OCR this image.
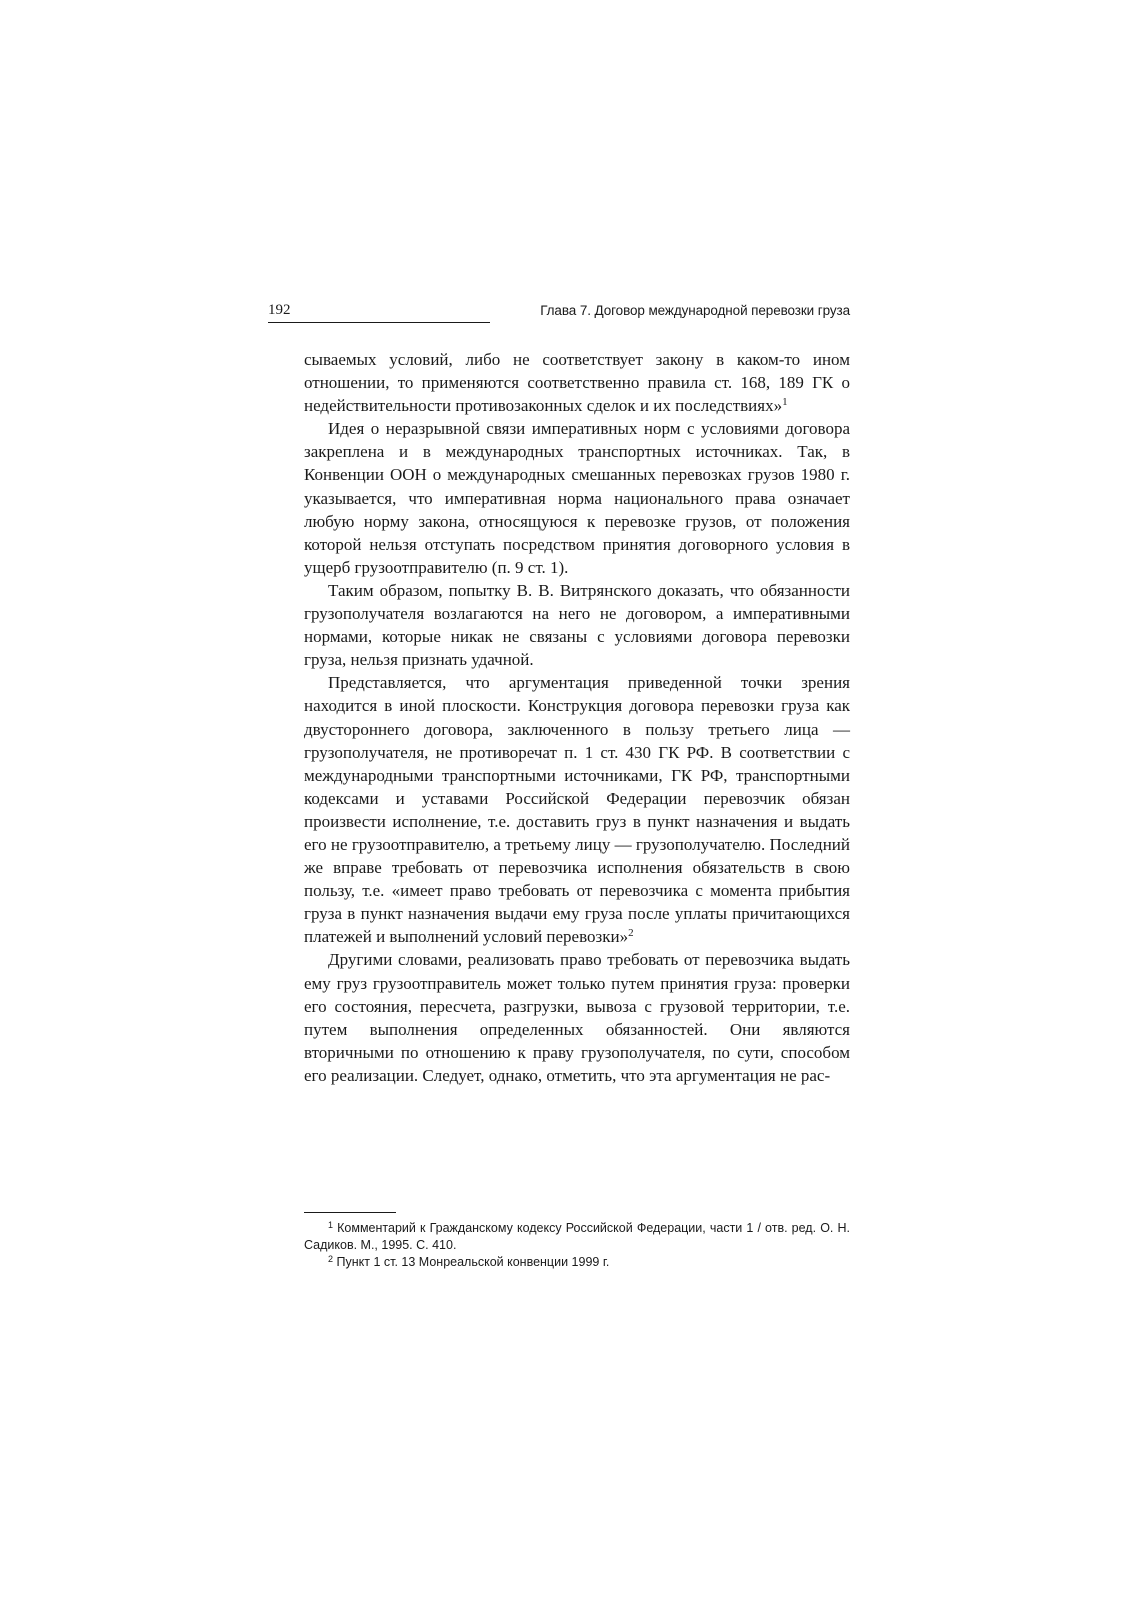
192	Глава 7. Договор международной перевозки груза

сываемых условий, либо не соответствует закону в каком-то ином отношении, то применяются соответственно правила ст. 168, 189 ГК о недействительности противозаконных сделок и их последствиях»$^1$

Идея о неразрывной связи императивных норм с условиями договора закреплена и в международных транспортных источниках. Так, в Конвенции ООН о международных смешанных перевозках грузов 1980 г. указывается, что императивная норма национального права означает любую норму закона, относящуюся к перевозке грузов, от положения которой нельзя отступать посредством принятия договорного условия в ущерб грузоотправителю (п. 9 ст. 1).

Таким образом, попытку В. В. Витрянского доказать, что обязанности грузополучателя возлагаются на него не договором, а императивными нормами, которые никак не связаны с условиями договора перевозки груза, нельзя признать удачной.

Представляется, что аргументация приведенной точки зрения находится в иной плоскости. Конструкция договора перевозки груза как двустороннего договора, заключенного в пользу третьего лица — грузополучателя, не противоречат п. 1 ст. 430 ГК РФ. В соответствии с международными транспортными источниками, ГК РФ, транспортными кодексами и уставами Российской Федерации перевозчик обязан произвести исполнение, т.е. доставить груз в пункт назначения и выдать его не грузоотправителю, а третьему лицу — грузополучателю. Последний же вправе требовать от перевозчика исполнения обязательств в свою пользу, т.е. «имеет право требовать от перевозчика с момента прибытия груза в пункт назначения выдачи ему груза после уплаты причитающихся платежей и выполнений условий перевозки»$^2$

Другими словами, реализовать право требовать от перевозчика выдать ему груз грузоотправитель может только путем принятия груза: проверки его состояния, пересчета, разгрузки, вывоза с грузовой территории, т.е. путем выполнения определенных обязанностей. Они являются вторичными по отношению к праву грузополучателя, по сути, способом его реализации. Следует, однако, отметить, что эта аргументация не рас-

$^1$ Комментарий к Гражданскому кодексу Российской Федерации, части 1 / отв. ред. О. Н. Садиков. М., 1995. С. 410.

$^2$ Пункт 1 ст. 13 Монреальской конвенции 1999 г.
